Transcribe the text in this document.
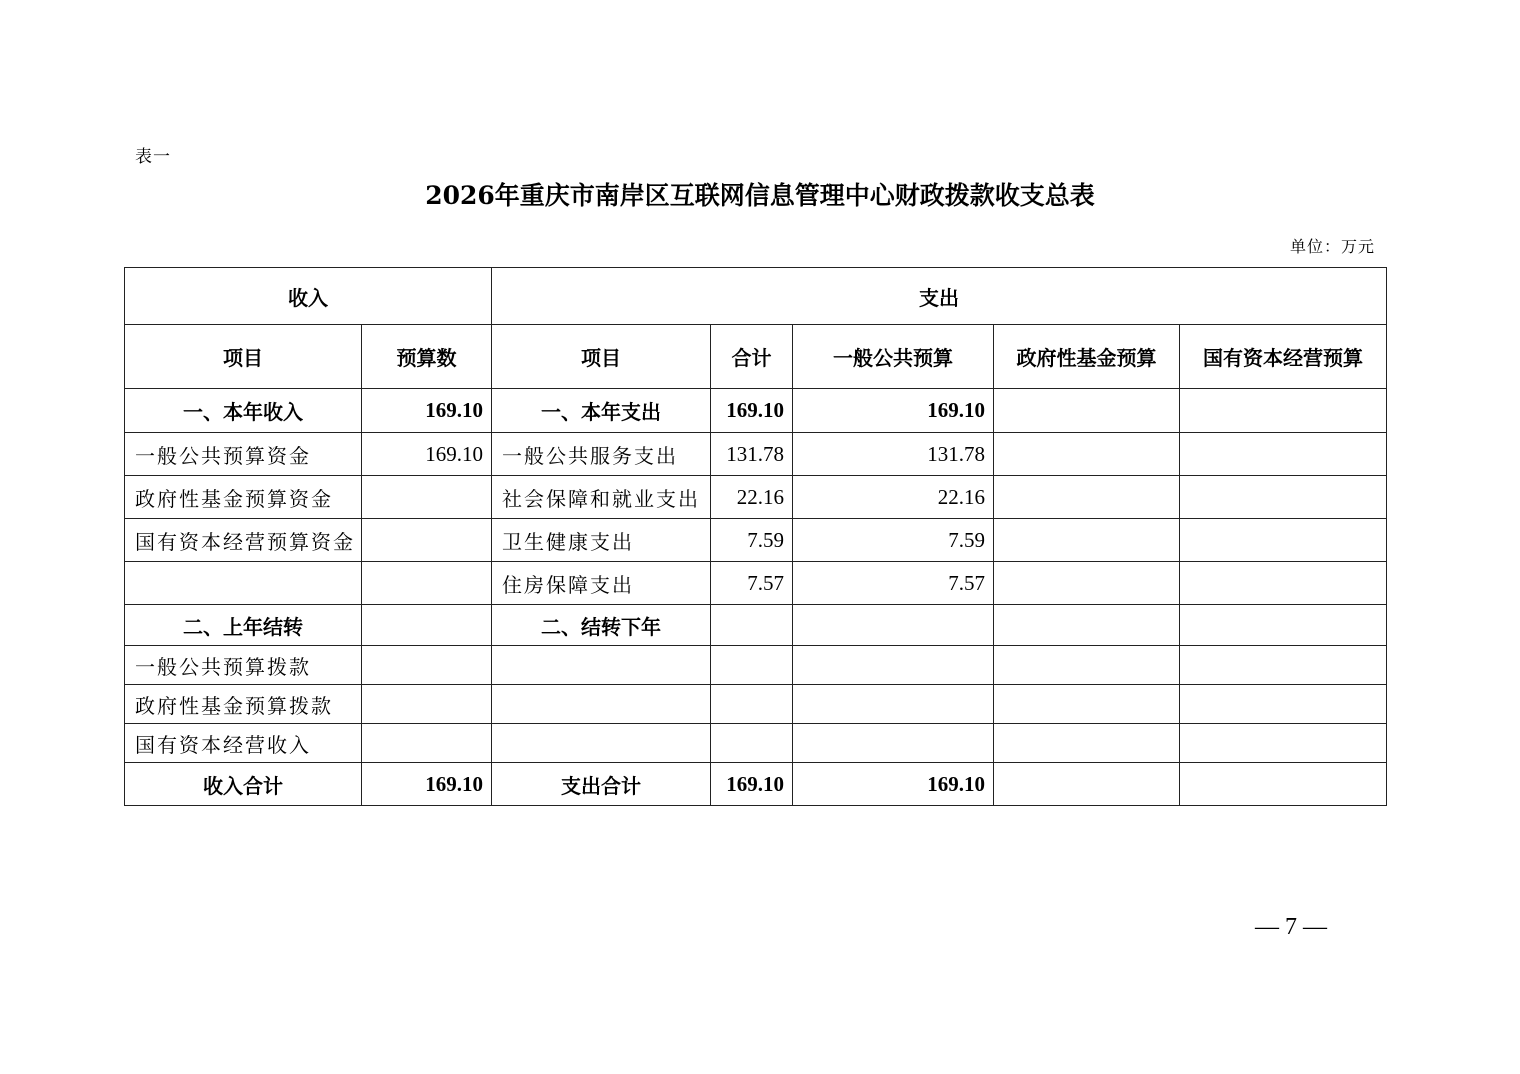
表一
2026年重庆市南岸区互联网信息管理中心财政拨款收支总表
单位：万元
收入		支出				
项目	预算数	项目	合计	一般公共预算	政府性基金预算	国有资本经营预算
一、本年收入	169.10	一、本年支出	169.10	169.10		
一般公共预算资金	169.10	一般公共服务支出	131.78	131.78		
政府性基金预算资金		社会保障和就业支出	22.16	22.16		
国有资本经营预算资金		卫生健康支出	7.59	7.59		
		住房保障支出	7.57	7.57		
二、上年结转		二、结转下年				
一般公共预算拨款						
政府性基金预算拨款						
国有资本经营收入						
收入合计	169.10	支出合计	169.10	169.10		
— 7 —
